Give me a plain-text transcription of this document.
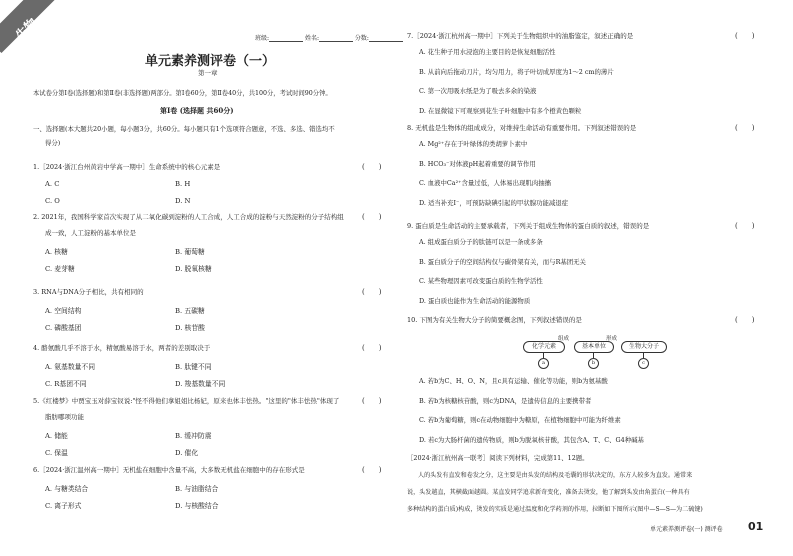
生物	班级:	姓名:	分数:
单元素养测评卷（一）
第一章
本试卷分第Ⅰ卷(选择题)和第Ⅱ卷(非选择题)两部分。第Ⅰ卷60分，第Ⅱ卷40分，共100分，考试时间90分钟。
第Ⅰ卷 (选择题 共60分)
一、选择题(本大题共20小题，每小题3分，共60分。每小题只有1个选项符合题意，不选、多选、错选均不
得分)
1.［2024·浙江台州黄岩中学高一期中］生命系统中的核心元素是	(　　)
A. C	B. H
C. O	D. N
2. 2021年，我国科学家首次实现了从二氧化碳到淀粉的人工合成，人工合成的淀粉与天然淀粉的分子结构组	(　　)
成一致，人工淀粉的基本单位是
A. 核糖	B. 葡萄糖
C. 麦芽糖	D. 脱氧核糖
3. RNA与DNA分子相比，共有相同的	(　　)
A. 空间结构	B. 五碳糖
C. 磷酸基团	D. 核苷酸
4. 酪氨酸几乎不溶于水，精氨酸易溶于水，两者的差别取决于	(　　)
A. 氨基数量不同	B. 肽键不同
C. R基团不同	D. 羧基数量不同
5.《红楼梦》中贾宝玉对薛宝钗说:"怪不得他们拿姐姐比杨妃，原来也体丰怯热。"这里的"体丰怯热"体现了	(　　)
脂肪哪项功能
A. 储能	B. 缓冲防震
C. 保温	D. 催化
6.［2024·浙江温州高一期中］无机盐在细胞中含量不高，大多数无机盐在细胞中的存在形式是	(　　)
A. 与糖类结合	B. 与油脂结合
C. 离子形式	D. 与核酸结合
7.［2024·浙江杭州高一期中］下列关于生物组织中的油脂鉴定，叙述正确的是	(　　)
A. 花生种子用水浸泡的主要目的是恢复细胞活性
B. 从前向后拖动刀片，均匀用力，将子叶切成厚度为1～2 cm的薄片
C. 第一次用吸水纸是为了吸去多余的染液
D. 在显微镜下可观察到花生子叶细胞中有多个橙黄色颗粒
8. 无机盐是生物体的组成成分，对维持生命活动有重要作用。下列叙述错误的是	(　　)
A. Mg²⁺存在于叶绿体的类胡萝卜素中
B. HCO₃⁻对体液pH起着重要的调节作用
C. 血液中Ca²⁺含量过低，人体易出现肌肉抽搐
D. 适当补充I⁻，可预防缺碘引起的甲状腺功能减退症
9. 蛋白质是生命活动的主要承载者，下列关于组成生物体的蛋白质的叙述，错误的是	(　　)
A. 组成蛋白质分子的肽链可以是一条或多条
B. 蛋白质分子的空间结构仅与碳骨架有关，而与R基团无关
C. 某些物理因素可改变蛋白质的生物学活性
D. 蛋白质也能作为生命活动的能源物质
10. 下图为有关生物大分子的简要概念图，下列叙述错误的是	(　　)
A. 若b为C、H、O、N，且c具有运输、催化等功能，则b为氨基酸
B. 若b为核糖核苷酸，则c为DNA，是遗传信息的主要携带者
C. 若b为葡萄糖，则c在动物细胞中为糖原，在植物细胞中可能为纤维素
D. 若c为大肠杆菌的遗传物质，则b为脱氧核苷酸，其包含A、T、C、G4种碱基
化学元素	基本单位	生物大分子
组成	形成
a	b	c
［2024·浙江杭州高一联考］阅读下列材料，完成第11、12题。
人的头发有直发和卷发之分，这主要是由头发的结构及毛囊的形状决定的，东方人较多为直发。通常来
说，头发越直，其横截面越圆。某直发同学追求新奇变化，准备去烫发，他了解到头发由角蛋白(一种具有
多种结构的蛋白质)构成，烫发的实质是通过温度和化学药剂的作用，拉断如下图所示(图中—S—S—为二硫键)
单元素养测评卷(一) 测评卷 01
